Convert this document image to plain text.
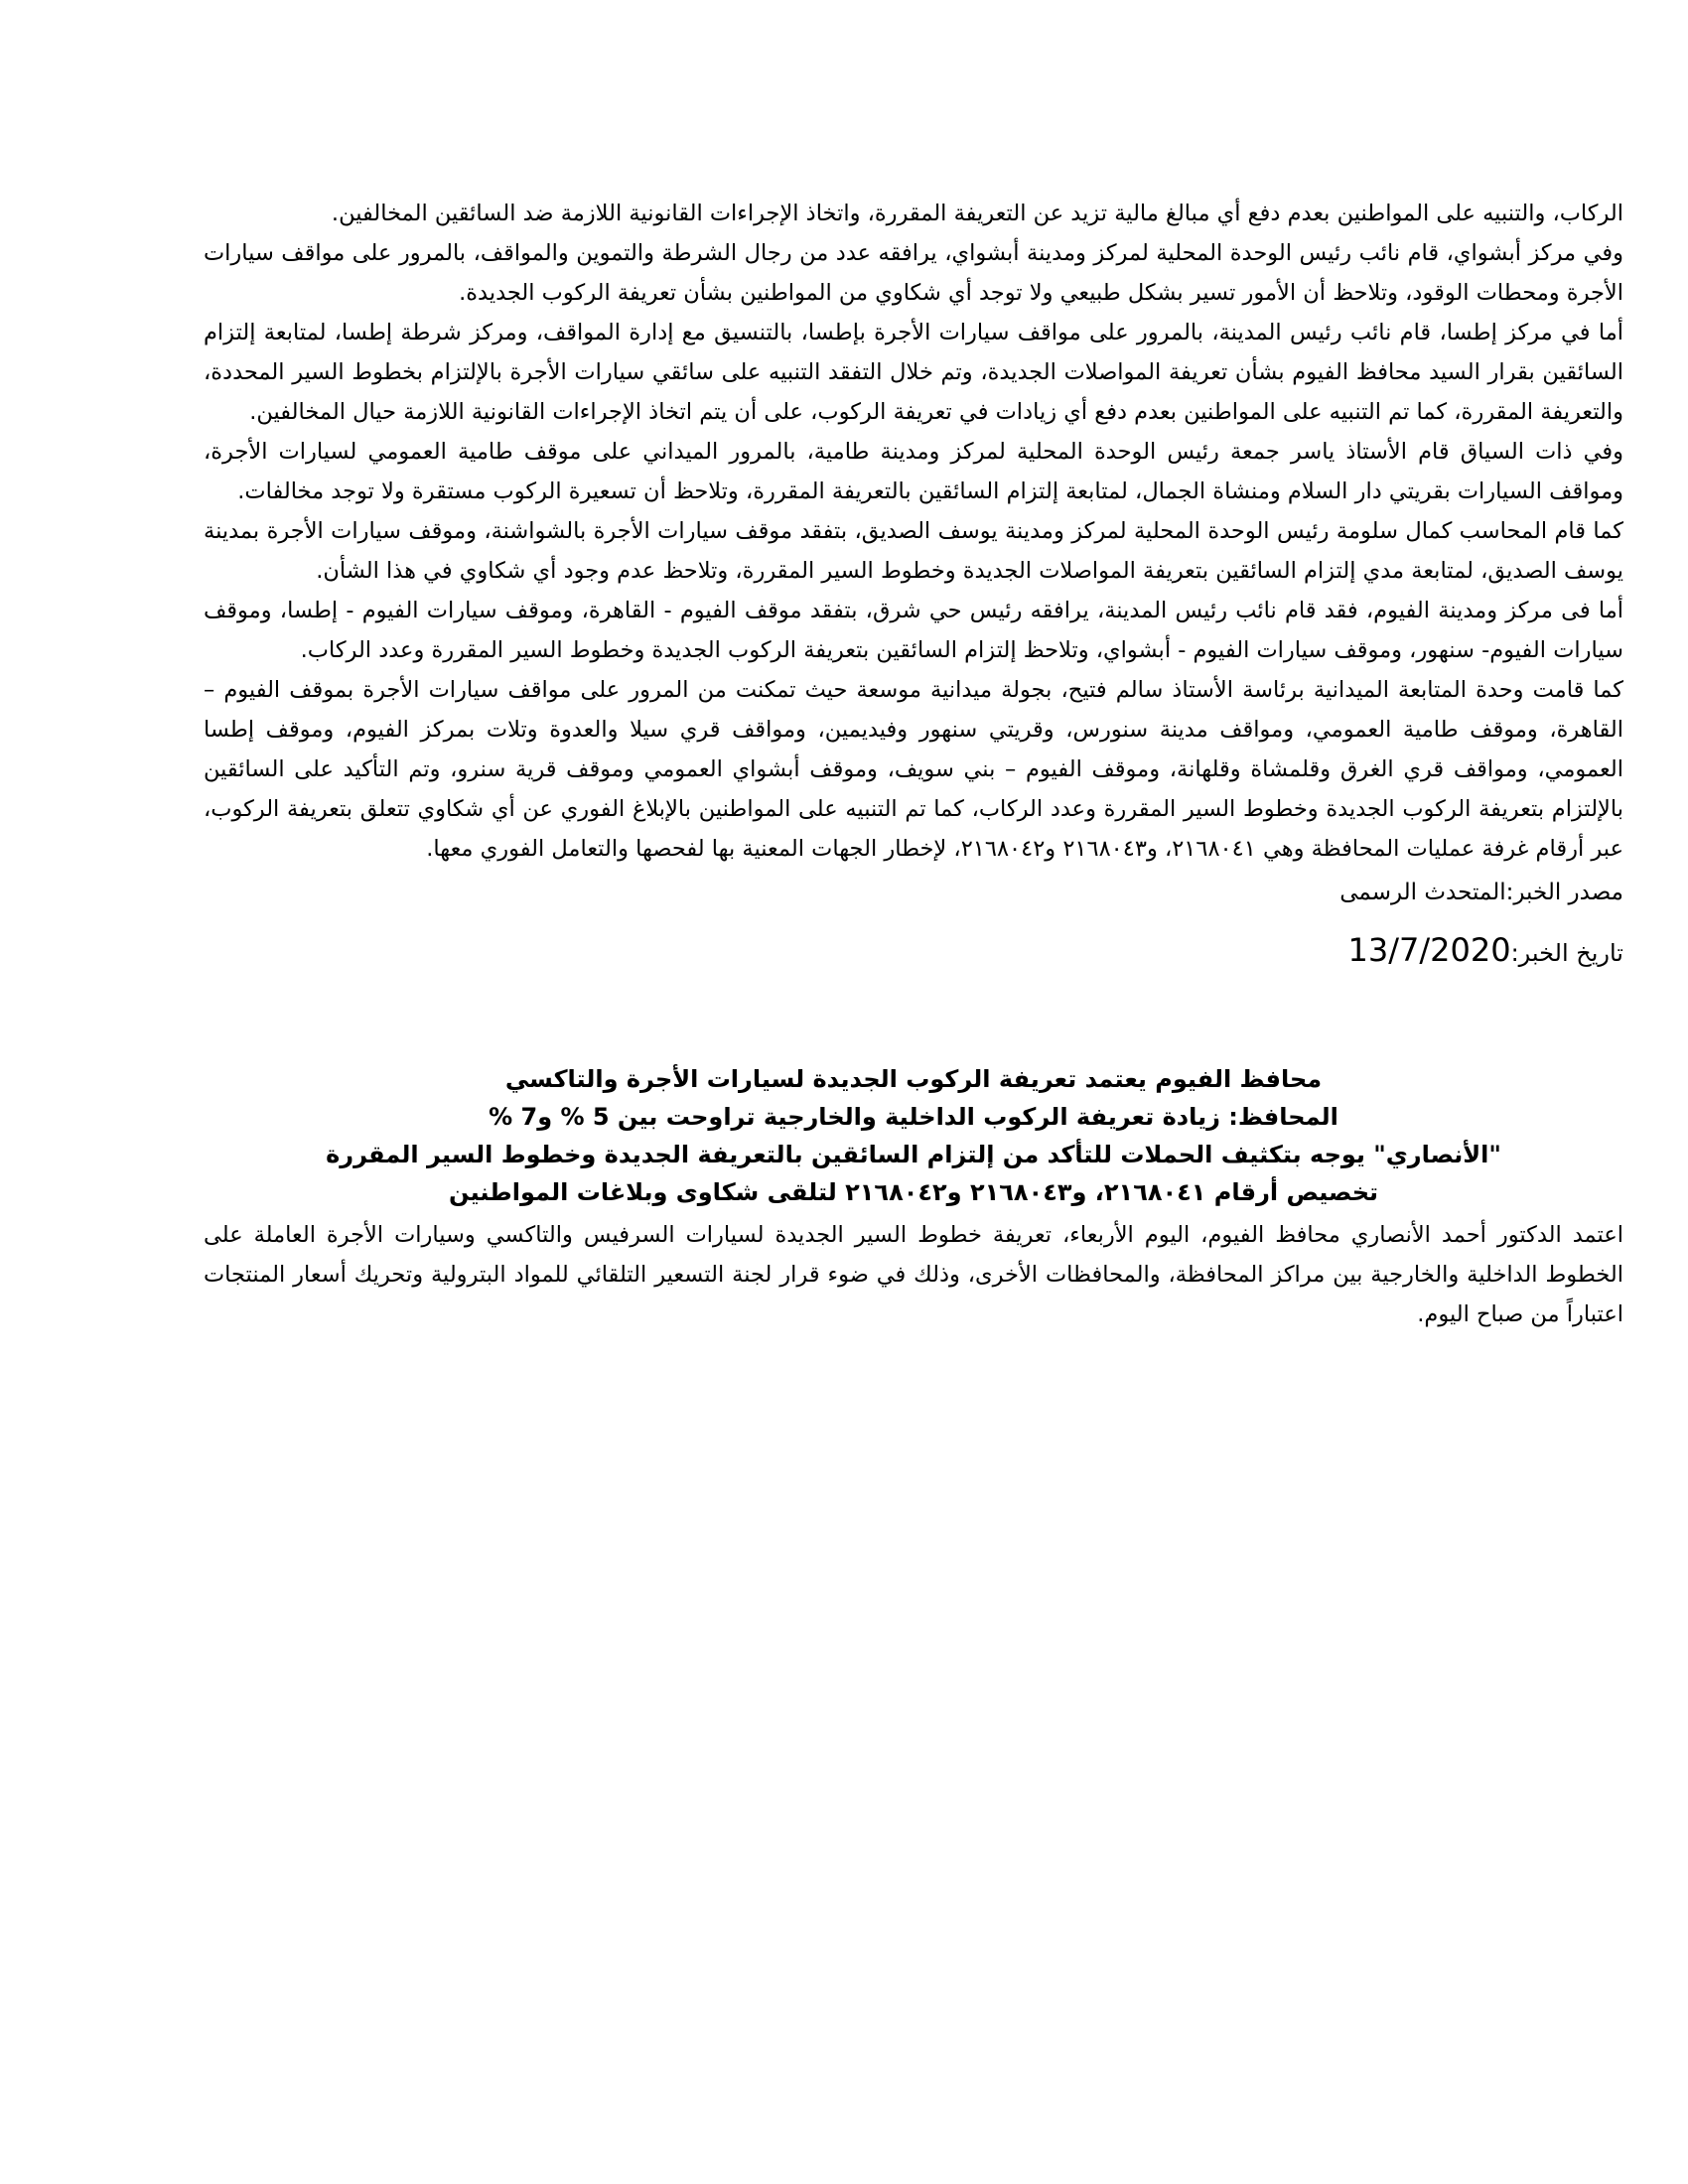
الركاب، والتنبيه على المواطنين بعدم دفع أي مبالغ مالية تزيد عن التعريفة المقررة، واتخاذ الإجراءات القانونية اللازمة ضد السائقين المخالفين.

وفي مركز أبشواي، قام نائب رئيس الوحدة المحلية لمركز ومدينة أبشواي، يرافقه عدد من رجال الشرطة والتموين والمواقف، بالمرور على مواقف سيارات الأجرة ومحطات الوقود، وتلاحظ أن الأمور تسير بشكل طبيعي ولا توجد أي شكاوي من المواطنين بشأن تعريفة الركوب الجديدة.

أما في مركز إطسا، قام نائب رئيس المدينة، بالمرور على مواقف سيارات الأجرة بإطسا، بالتنسيق مع إدارة المواقف، ومركز شرطة إطسا، لمتابعة إلتزام السائقين بقرار السيد محافظ الفيوم بشأن تعريفة المواصلات الجديدة، وتم خلال التفقد التنبيه على سائقي سيارات الأجرة بالإلتزام بخطوط السير المحددة، والتعريفة المقررة، كما تم التنبيه على المواطنين بعدم دفع أي زيادات في تعريفة الركوب، على أن يتم اتخاذ الإجراءات القانونية اللازمة حيال المخالفين.

وفي ذات السياق قام الأستاذ ياسر جمعة رئيس الوحدة المحلية لمركز ومدينة طامية، بالمرور الميداني على موقف طامية العمومي لسيارات الأجرة، ومواقف السيارات بقريتي دار السلام ومنشاة الجمال، لمتابعة إلتزام السائقين بالتعريفة المقررة، وتلاحظ أن تسعيرة الركوب مستقرة ولا توجد مخالفات.

كما قام المحاسب كمال سلومة رئيس الوحدة المحلية لمركز ومدينة يوسف الصديق، بتفقد موقف سيارات الأجرة بالشواشنة، وموقف سيارات الأجرة بمدينة يوسف الصديق، لمتابعة مدي إلتزام السائقين بتعريفة المواصلات الجديدة وخطوط السير المقررة، وتلاحظ عدم وجود أي شكاوي في هذا الشأن.

أما فى مركز ومدينة الفيوم، فقد قام نائب رئيس المدينة، يرافقه رئيس حي شرق، بتفقد موقف الفيوم - القاهرة، وموقف سيارات الفيوم - إطسا، وموقف سيارات الفيوم- سنهور، وموقف سيارات الفيوم - أبشواي، وتلاحظ إلتزام السائقين بتعريفة الركوب الجديدة وخطوط السير المقررة وعدد الركاب.

كما قامت وحدة المتابعة الميدانية برئاسة الأستاذ سالم فتيح، بجولة ميدانية موسعة حيث تمكنت من المرور على مواقف سيارات الأجرة بموقف الفيوم – القاهرة، وموقف طامية العمومي، ومواقف مدينة سنورس، وقريتي سنهور وفيديمين، ومواقف قري سيلا والعدوة وتلات بمركز الفيوم، وموقف إطسا العمومي، ومواقف قري الغرق وقلمشاة وقلهانة، وموقف الفيوم – بني سويف، وموقف أبشواي العمومي وموقف قرية سنرو، وتم التأكيد على السائقين بالإلتزام بتعريفة الركوب الجديدة وخطوط السير المقررة وعدد الركاب، كما تم التنبيه على المواطنين بالإبلاغ الفوري عن أي شكاوي تتعلق بتعريفة الركوب، عبر أرقام غرفة عمليات المحافظة وهي ٢١٦٨٠٤١، و٢١٦٨٠٤٣ و٢١٦٨٠٤٢، لإخطار الجهات المعنية بها لفحصها والتعامل الفوري معها.

مصدر الخبر:المتحدث الرسمى
تاريخ الخبر:13/7/2020
محافظ الفيوم يعتمد تعريفة الركوب الجديدة لسيارات الأجرة والتاكسي
المحافظ: زيادة تعريفة الركوب الداخلية والخارجية تراوحت بين 5 % و7 %
"الأنصاري" يوجه بتكثيف الحملات للتأكد من إلتزام السائقين بالتعريفة الجديدة وخطوط السير المقررة
تخصيص أرقام ٢١٦٨٠٤١، و٢١٦٨٠٤٣ و٢١٦٨٠٤٢ لتلقى شكاوى وبلاغات المواطنين

اعتمد الدكتور أحمد الأنصاري محافظ الفيوم، اليوم الأربعاء، تعريفة خطوط السير الجديدة لسيارات السرفيس والتاكسي وسيارات الأجرة العاملة على الخطوط الداخلية والخارجية بين مراكز المحافظة، والمحافظات الأخرى، وذلك في ضوء قرار لجنة التسعير التلقائي للمواد البترولية وتحريك أسعار المنتجات اعتباراً من صباح اليوم.
